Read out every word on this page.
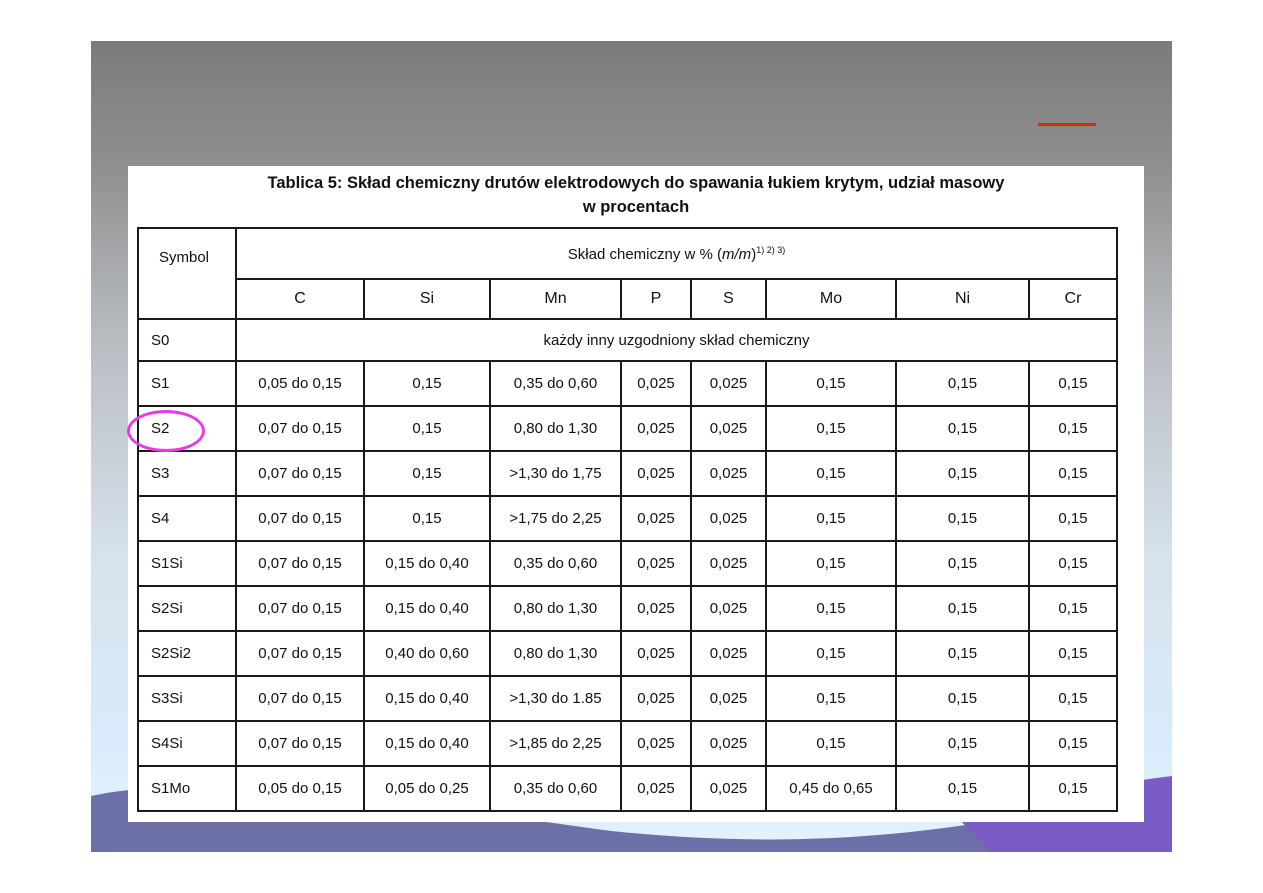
Tablica 5: Skład chemiczny drutów elektrodowych do spawania łukiem krytym, udział masowy
w procentach
Symbol	Skład chemiczny w % $(m/m)^{1) 2) 3)}$
	C	Si	Mn	P	S	Mo	Ni	Cr
S0	każdy inny uzgodniony skład chemiczny							
S1	0,05 do 0,15	0,15	0,35 do 0,60	0,025	0,025	0,15	0,15	0,15
S2	0,07 do 0,15	0,15	0,80 do 1,30	0,025	0,025	0,15	0,15	0,15
S3	0,07 do 0,15	0,15	>1,30 do 1,75	0,025	0,025	0,15	0,15	0,15
S4	0,07 do 0,15	0,15	>1,75 do 2,25	0,025	0,025	0,15	0,15	0,15
S1Si	0,07 do 0,15	0,15 do 0,40	0,35 do 0,60	0,025	0,025	0,15	0,15	0,15
S2Si	0,07 do 0,15	0,15 do 0,40	0,80 do 1,30	0,025	0,025	0,15	0,15	0,15
S2Si2	0,07 do 0,15	0,40 do 0,60	0,80 do 1,30	0,025	0,025	0,15	0,15	0,15
S3Si	0,07 do 0,15	0,15 do 0,40	>1,30 do 1.85	0,025	0,025	0,15	0,15	0,15
S4Si	0,07 do 0,15	0,15 do 0,40	>1,85 do 2,25	0,025	0,025	0,15	0,15	0,15
S1Mo	0,05 do 0,15	0,05 do 0,25	0,35 do 0,60	0,025	0,025	0,45 do 0,65	0,15	0,15
